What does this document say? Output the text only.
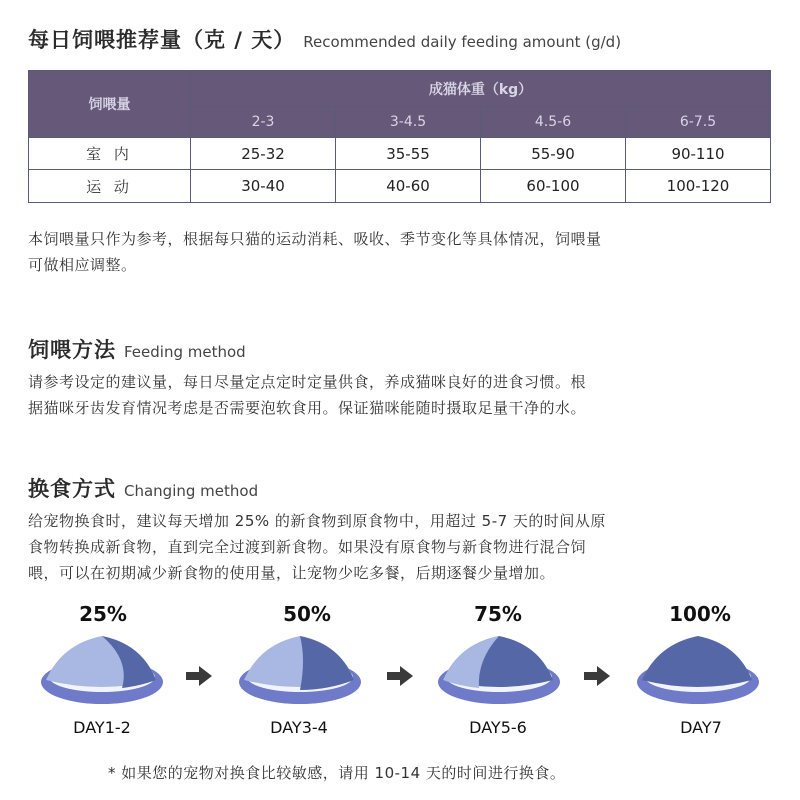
每日饲喂推荐量（克 / 天） Recommended daily feeding amount (g/d)
饲喂量	成猫体重（kg）			
	2-3	3-4.5	4.5-6	6-7.5
室 内	25-32	35-55	55-90	90-110
运 动	30-40	40-60	60-100	100-120
本饲喂量只作为参考，根据每只猫的运动消耗、吸收、季节变化等具体情况，饲喂量
可做相应调整。
饲喂方法 Feeding method
请参考设定的建议量，每日尽量定点定时定量供食，养成猫咪良好的进食习惯。根
据猫咪牙齿发育情况考虑是否需要泡软食用。保证猫咪能随时摄取足量干净的水。
换食方式 Changing method
给宠物换食时，建议每天增加 25% 的新食物到原食物中，用超过 5-7 天的时间从原
食物转换成新食物，直到完全过渡到新食物。如果没有原食物与新食物进行混合饲
喂，可以在初期减少新食物的使用量，让宠物少吃多餐，后期逐餐少量增加。
25%	50%	75%	100%
DAY1-2	DAY3-4	DAY5-6	DAY7
* 如果您的宠物对换食比较敏感，请用 10-14 天的时间进行换食。
